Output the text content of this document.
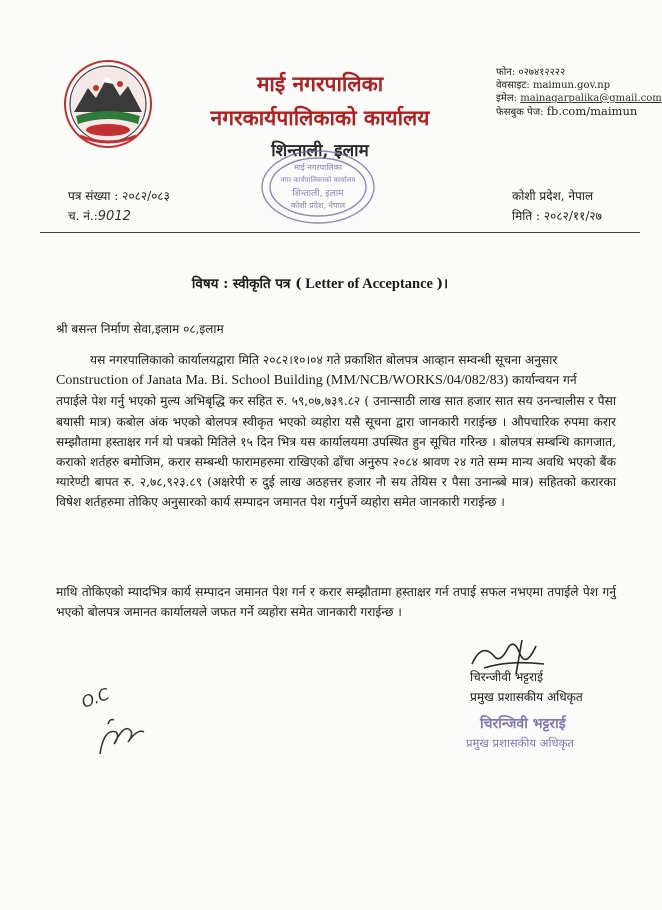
माई नगरपालिका
नगरकार्यपालिकाको कार्यालय
शिन्ताली, इलाम
फोन: ०२७४१२२२२
वेवसाइट: maimun.gov.np
इमेल: mainagarpalika@gmail.com
फेसबुक पेज: fb.com/maimun
माई नगरपालिका
नगर कार्यपालिकाको कार्यालय
शिन्ताली, इलाम
कोशी प्रदेश, नेपाल
पत्र संख्या : २०८२/०८३
च. नं.:9012
कोशी प्रदेश, नेपाल
मिति : २०८२/११/२७
विषय : स्वीकृति पत्र ( Letter of Acceptance )।
श्री बसन्त निर्माण सेवा,इलाम ०८,इलाम

यस नगरपालिकाको कार्यालयद्वारा मिति २०८२।१०।०४ गते प्रकाशित बोलपत्र आव्हान सम्वन्धी सूचना अनुसार

Construction of Janata Ma. Bi. School Building (MM/NCB/WORKS/04/082/83) कार्यान्वयन गर्न
तपाईले पेश गर्नु भएको मुल्य अभिबृद्धि कर सहित रु. ५९,०७,७३९.८२ ( उनान्साठी लाख सात हजार सात सय उनन्चालीस र पैसा बयासी मात्र) कबोल अंक भएको बोलपत्र स्वीकृत भएको व्यहोरा यसै सूचना द्वारा जानकारी गराईन्छ । औपचारिक रुपमा करार सम्झौतामा हस्ताक्षर गर्न यो पत्रको मितिले १५ दिन भित्र यस कार्यालयमा उपस्थित हुन सूचित गरिन्छ । बोलपत्र सम्बन्धि कागजात, कराको शर्तहरु बमोजिम, करार सम्बन्धी फारामहरुमा राखिएको ढाँचा अनुरुप २०८४ श्रावण २४ गते सम्म मान्य अवधि भएको बैंक ग्यारेण्टी बापत रु. २,७८,९२३.८९ (अक्षरेपी रु दुई लाख अठहत्तर हजार नौ सय तेयिस र पैसा उनान्ब्बे मात्र) सहितको करारका विषेश शर्तहरुमा तोकिए अनुसारको कार्य सम्पादन जमानत पेश गर्नुपर्ने व्यहोरा समेत जानकारी गराईन्छ ।

माथि तोकिएको म्यादभित्र कार्य सम्पादन जमानत पेश गर्न र करार सम्झौतामा हस्ताक्षर गर्न तपाई सफल नभएमा तपाईले पेश गर्नु भएको बोलपत्र जमानत कार्यालयले जफत गर्ने व्यहोरा समेत जानकारी गराईन्छ ।

चिरन्जीवी भट्टराई
प्रमुख प्रशासकीय अधिकृत
चिरन्जिवी भट्टराई
प्रमुख प्रशासकीय अधिकृत
O.C
